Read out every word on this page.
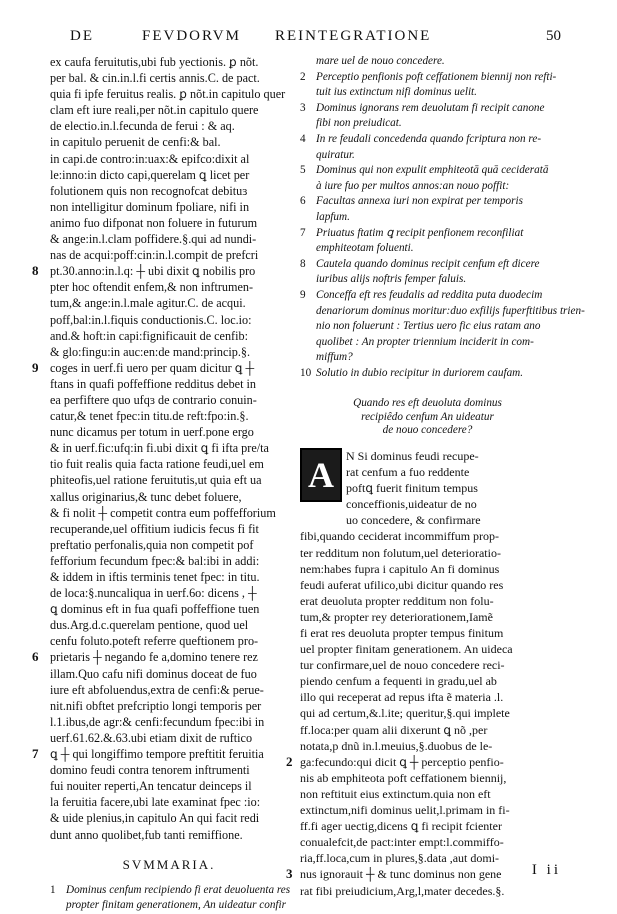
DE	FEVDORVM REINTEGRATIONE	50
ex caufa feruitutis,ubi fub yectionis. ꝑ nõt.
per bal. & cin.in.l.fi certis annis.C. de pact.
quia fi ipfe feruitus realis. ꝑ nõt.in capitulo quer
clam eft iure reali,per nõt.in capitulo quere
de electio.in.l.fecunda de ferui : & aq.
in capitulo peruenit de cenfi:& bal.
in capi.de contro:in:uax:& epifco:dixit al
le:inno:in dicto capi,querelam ꝗ licet per
folutionem quis non recognofcat debituɜ
non intelligitur dominum fpoliare, nifi in
animo fuo difponat non foluere in futurum
& ange:in.l.clam poffidere.§.qui ad nundi-
nas de acqui:poff:cin:in.l.compit de prefcri
8 pt.30.anno:in.l.q: ┼ ubi dixit ꝗ nobilis pro
pter hoc oftendit enfem,& non inftrumen-
tum,& ange:in.l.male agitur.C. de acqui.
poff,bal:in.l.fiquis conductionis.C. loc.io:
and.& hoft:in capi:fignificauit de cenfib:
& glo:fingu:in auc:en:de mand:princip.§.
9 coges in uerf.fi uero per quam dicitur ꝗ ┼
ftans in quafi poffeffione redditus debet in
ea perfiftere quo ufqɜ de contrario conuin-
catur,& tenet fpec:in titu.de reft:fpo:in.§.
nunc dicamus per totum in uerf.pone ergo
& in uerf.fic:ufq:in fi.ubi dixit ꝗ fi ifta pre/ta
tio fuit realis quia facta ratione feudi,uel em
phiteofis,uel ratione feruitutis,ut quia eft ua
xallus originarius,& tunc debet foluere,
& fi nolit ┼ competit contra eum poffefforium
recuperande,uel offitium iudicis fecus fi fit
preftatio perfonalis,quia non competit pof
fefforium fecundum fpec:& bal:ibi in addi:
& iddem in iftis terminis tenet fpec: in titu.
de loca:§.nuncaliqua in uerf.6o: dicens , ┼
ꝗ dominus eft in fua quafi poffeffione tuen
dus.Arg.d.c.querelam pentione, quod uel
cenfu foluto.poteft referre queftionem pro-
6 prietaris ┼ negando fe a,domino tenere rez
illam.Quo cafu nifi dominus doceat de fuo
iure eft abfoluendus,extra de cenfi:& perue-
nit.nifi obftet prefcriptio longi temporis per
l.1.ibus,de agr:& cenfi:fecundum fpec:ibi in
uerf.61.62.&.63.ubi etiam dixit de ruftico
7 ꝗ ┼ qui longiffimo tempore preftitit feruitia
domino feudi contra tenorem inftrumenti
fui nouiter reperti,An tencatur deinceps il
la feruitia facere,ubi late examinat fpec :io:
& uide plenius,in capitulo An qui facit redi
dunt anno quolibet,fub tanti remiffione.
SVMMARIA.
1 Dominus cenfum recipiendo fi erat deuoluenta res
propter finitam generationem, An uideatur confir
mare uel de nouo concedere.
2 Perceptio penfionis poft ceffationem biennij non refti-
tuit ius extinctum nifi dominus uelit.
3 Dominus ignorans rem deuolutam fi recipit canone
fibi non preiudicat.
4 In re feudali concedenda quando fcriptura non re-
quiratur.
5 Dominus qui non expulit emphiteotā quā cecideratā
à iure fuo per multos annos:an nouo poffit:
6 Facultas annexa iuri non expirat per temporis
lapfum.
7 Priuatus ftatim ꝗ recipit penfionem reconfiliat
emphiteotam foluenti.
8 Cautela quando dominus recipit cenfum eft dicere
iuribus alijs noftris femper faluis.
9 Conceffa eft res feudalis ad reddita puta duodecim
denariorum dominus moritur:duo exfilijs fuperftitibus trien-
nio non foluerunt : Tertius uero fic eius ratam ano
quolibet : An propter triennium inciderit in com-
miffum?
10 Solutio in dubio recipitur in duriorem caufam.
Quando res eft deuoluta dominus
recipiêdo cenfum An uideatur
de nouo concedere?
A	N Si dominus feudi recupe-
rat cenfum a fuo reddente
poftꝗ fuerit finitum tempus
conceffionis,uideatur de no
uo concedere, & confirmare
fibi,quando ceciderat incommiffum prop-
ter redditum non folutum,uel deterioratio-
nem:habes fupra i capitulo An fi dominus
feudi auferat ufilico,ubi dicitur quando res
erat deuoluta propter redditum non folu-
tum,& propter rey deteriorationem,Iamẽ
fi erat res deuoluta propter tempus finitum
uel propter finitam generationem. An uideca
tur confirmare,uel de nouo concedere reci-
piendo cenfum a fequenti in gradu,uel ab
illo qui receperat ad repus ifta ẽ materia .l.
qui ad certum,&.l.ite; queritur,§.qui implete
ff.loca:per quam alii dixerunt ꝗ nõ ,per
notata,p dnũ in.l.meuius,§.duobus de le-
2 ga:fecundo:qui dicit ꝗ ┼ perceptio penfio-
nis ab emphiteota poft ceffationem biennij,
non reftituit eius extinctum.quia non eft
extinctum,nifi dominus uelit,l.primam in fi-
ff.fi ager uectig,dicens ꝗ fi recipit fcienter
conualefcit,de pact:inter empt:l.commiffo-
ria,ff.loca,cum in plures,§.data ,aut domi-
3 nus ignorauit ┼ & tunc dominus non gene
rat fibi preiudicium,Arg,l,mater decedes.§.
I ii
